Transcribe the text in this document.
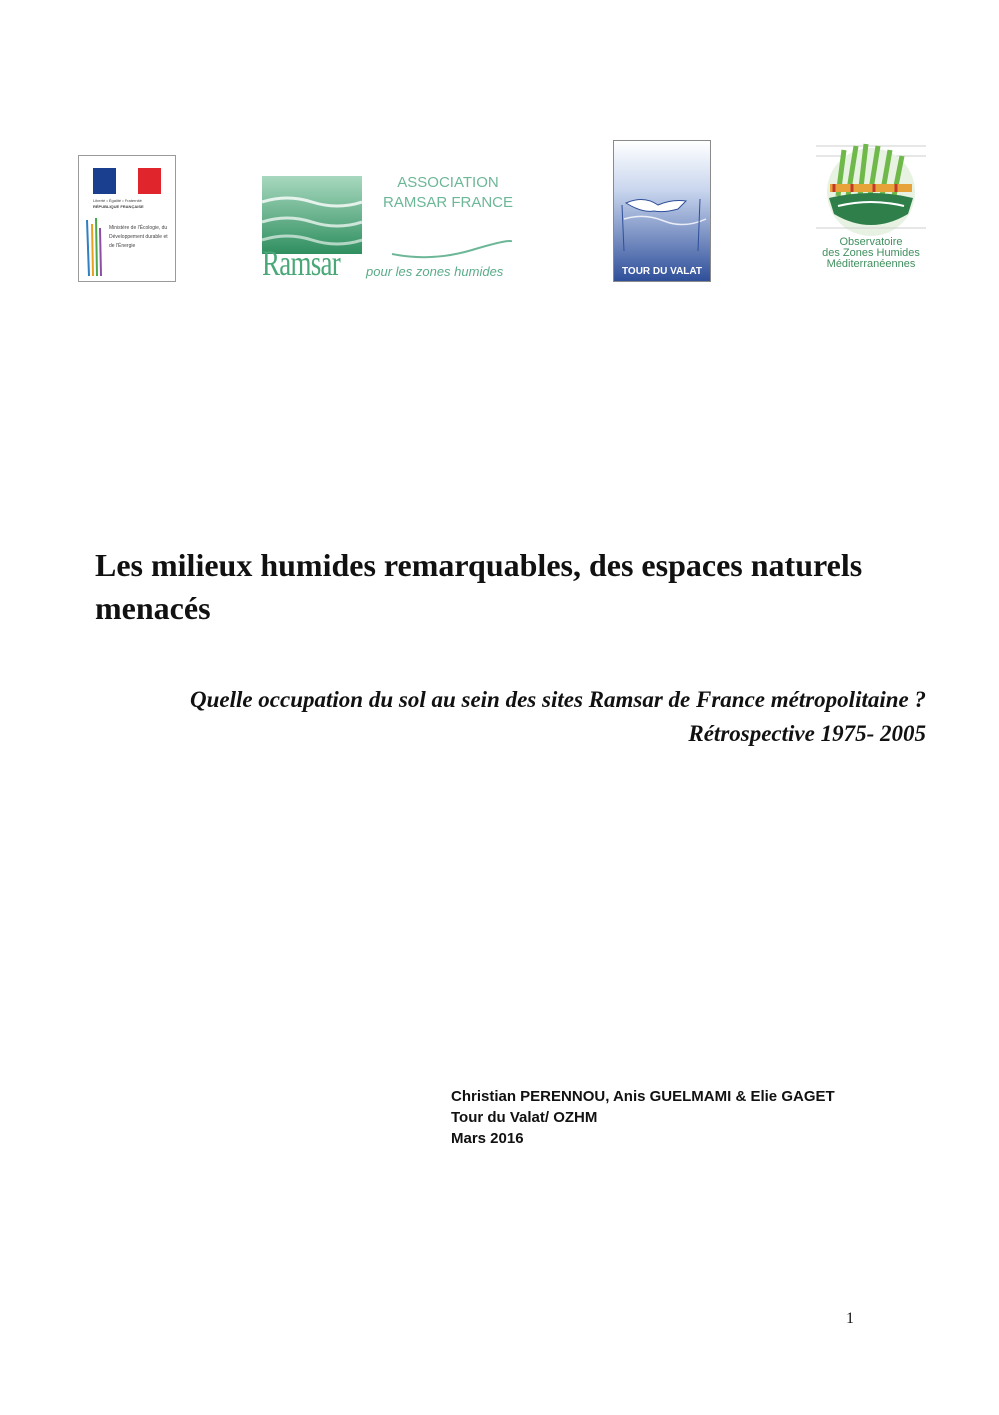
Liberté • Égalité • Fraternité
RÉPUBLIQUE FRANÇAISE
Ministère de l'Écologie, du Développement durable et de l'Énergie	Ramsar
ASSOCIATION RAMSAR FRANCE
pour les zones humides	TOUR DU VALAT
Observatoire
des Zones Humides
Méditerranéennes
Les milieux humides remarquables, des espaces naturels menacés
Quelle occupation du sol au sein des sites Ramsar de France métropolitaine ? Rétrospective 1975- 2005
Christian PERENNOU, Anis GUELMAMI & Elie GAGET
Tour du Valat/ OZHM
Mars 2016
1
